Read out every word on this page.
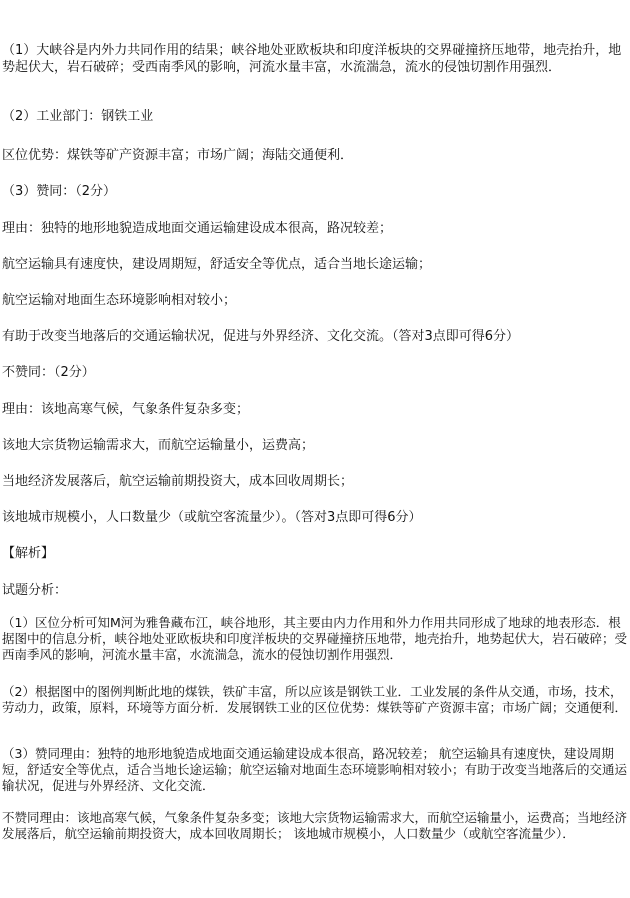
（1）大峡谷是内外力共同作用的结果；峡谷地处亚欧板块和印度洋板块的交界碰撞挤压地带，地壳抬升，地势起伏大，岩石破碎；受西南季风的影响，河流水量丰富，水流湍急，流水的侵蚀切割作用强烈．
（2）工业部门：钢铁工业
区位优势：煤铁等矿产资源丰富；市场广阔；海陆交通便利．
（3）赞同：（2分）
理由：独特的地形地貌造成地面交通运输建设成本很高，路况较差；
航空运输具有速度快，建设周期短，舒适安全等优点，适合当地长途运输；
航空运输对地面生态环境影响相对较小；
有助于改变当地落后的交通运输状况，促进与外界经济、文化交流。（答对3点即可得6分）
不赞同：（2分）
理由：该地高寒气候，气象条件复杂多变；
该地大宗货物运输需求大，而航空运输量小，运费高；
当地经济发展落后，航空运输前期投资大，成本回收周期长；
该地城市规模小，人口数量少（或航空客流量少）。（答对3点即可得6分）
【解析】
试题分析：
（1）区位分析可知M河为雅鲁藏布江，峡谷地形，其主要由内力作用和外力作用共同形成了地球的地表形态．根据图中的信息分析，峡谷地处亚欧板块和印度洋板块的交界碰撞挤压地带，地壳抬升，地势起伏大，岩石破碎；受西南季风的影响，河流水量丰富，水流湍急，流水的侵蚀切割作用强烈．
（2）根据图中的图例判断此地的煤铁，铁矿丰富，所以应该是钢铁工业．工业发展的条件从交通，市场，技术，劳动力，政策，原料，环境等方面分析．发展钢铁工业的区位优势：煤铁等矿产资源丰富；市场广阔；交通便利．
（3）赞同理由：独特的地形地貌造成地面交通运输建设成本很高，路况较差； 航空运输具有速度快，建设周期短，舒适安全等优点，适合当地长途运输；航空运输对地面生态环境影响相对较小；有助于改变当地落后的交通运输状况，促进与外界经济、文化交流．
不赞同理由：该地高寒气候，气象条件复杂多变；该地大宗货物运输需求大，而航空运输量小，运费高；当地经济发展落后，航空运输前期投资大，成本回收周期长； 该地城市规模小，人口数量少（或航空客流量少）．
